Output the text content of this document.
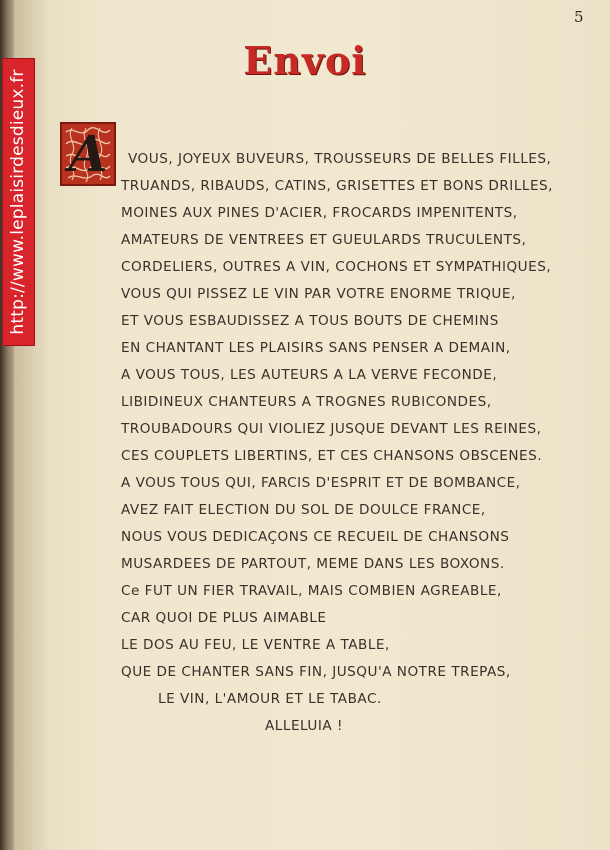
5
Envoi
A	VOUS, JOYEUX BUVEURS, TROUSSEURS DE BELLES FILLES,
TRUANDS, RIBAUDS, CATINS, GRISETTES ET BONS DRILLES,
MOINES AUX PINES D'ACIER, FROCARDS IMPENITENTS,
AMATEURS DE VENTREES ET GUEULARDS TRUCULENTS,
CORDELIERS, OUTRES A VIN, COCHONS ET SYMPATHIQUES,
VOUS QUI PISSEZ LE VIN PAR VOTRE ENORME TRIQUE,
ET VOUS ESBAUDISSEZ A TOUS BOUTS DE CHEMINS
EN CHANTANT LES PLAISIRS SANS PENSER A DEMAIN,
A VOUS TOUS, LES AUTEURS A LA VERVE FECONDE,
LIBIDINEUX CHANTEURS A TROGNES RUBICONDES,
TROUBADOURS QUI VIOLIEZ JUSQUE DEVANT LES REINES,
CES COUPLETS LIBERTINS, ET CES CHANSONS OBSCENES.
A VOUS TOUS QUI, FARCIS D'ESPRIT ET DE BOMBANCE,
AVEZ FAIT ELECTION DU SOL DE DOULCE FRANCE,
NOUS VOUS DEDICAÇONS CE RECUEIL DE CHANSONS
MUSARDEES DE PARTOUT, MEME DANS LES BOXONS.
Ce FUT UN FIER TRAVAIL, MAIS COMBIEN AGREABLE,
CAR QUOI DE PLUS AIMABLE
LE DOS AU FEU, LE VENTRE A TABLE,
QUE DE CHANTER SANS FIN, JUSQU'A NOTRE TREPAS,
LE VIN, L'AMOUR ET LE TABAC.
ALLELUIA !
http://www.leplaisirdesdieux.fr
